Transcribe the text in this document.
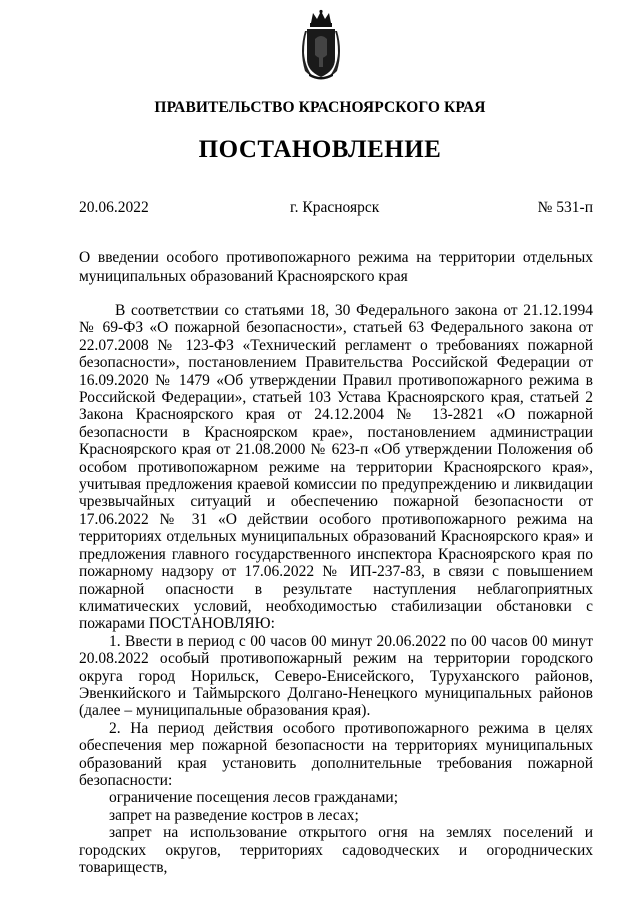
ПРАВИТЕЛЬСТВО КРАСНОЯРСКОГО КРАЯ
ПОСТАНОВЛЕНИЕ
20.06.2022	г. Красноярск	№ 531-п
О введении особого противопожарного режима на территории отдельных муниципальных образований Красноярского края

В соответствии со статьями 18, 30 Федерального закона от 21.12.1994 № 69-ФЗ «О пожарной безопасности», статьей 63 Федерального закона от 22.07.2008 № 123-ФЗ «Технический регламент о требованиях пожарной безопасности», постановлением Правительства Российской Федерации от 16.09.2020 № 1479 «Об утверждении Правил противопожарного режима в Российской Федерации», статьей 103 Устава Красноярского края, статьей 2 Закона Красноярского края от 24.12.2004 № 13-2821 «О пожарной безопасности в Красноярском крае», постановлением администрации Красноярского края от 21.08.2000 № 623-п «Об утверждении Положения об особом противопожарном режиме на территории Красноярского края», учитывая предложения краевой комиссии по предупреждению и ликвидации чрезвычайных ситуаций и обеспечению пожарной безопасности от 17.06.2022 № 31 «О действии особого противопожарного режима на территориях отдельных муниципальных образований Красноярского края» и предложения главного государственного инспектора Красноярского края по пожарному надзору от 17.06.2022 № ИП-237-83, в связи с повышением пожарной опасности в результате наступления неблагоприятных климатических условий, необходимостью стабилизации обстановки с пожарами ПОСТАНОВЛЯЮ:

1. Ввести в период с 00 часов 00 минут 20.06.2022 по 00 часов 00 минут 20.08.2022 особый противопожарный режим на территории городского округа город Норильск, Северо-Енисейского, Туруханского районов, Эвенкийского и Таймырского Долгано-Ненецкого муниципальных районов (далее – муниципальные образования края).

2. На период действия особого противопожарного режима в целях обеспечения мер пожарной безопасности на территориях муниципальных образований края установить дополнительные требования пожарной безопасности:

ограничение посещения лесов гражданами;

запрет на разведение костров в лесах;

запрет на использование открытого огня на землях поселений и городских округов, территориях садоводческих и огороднических товариществ,
